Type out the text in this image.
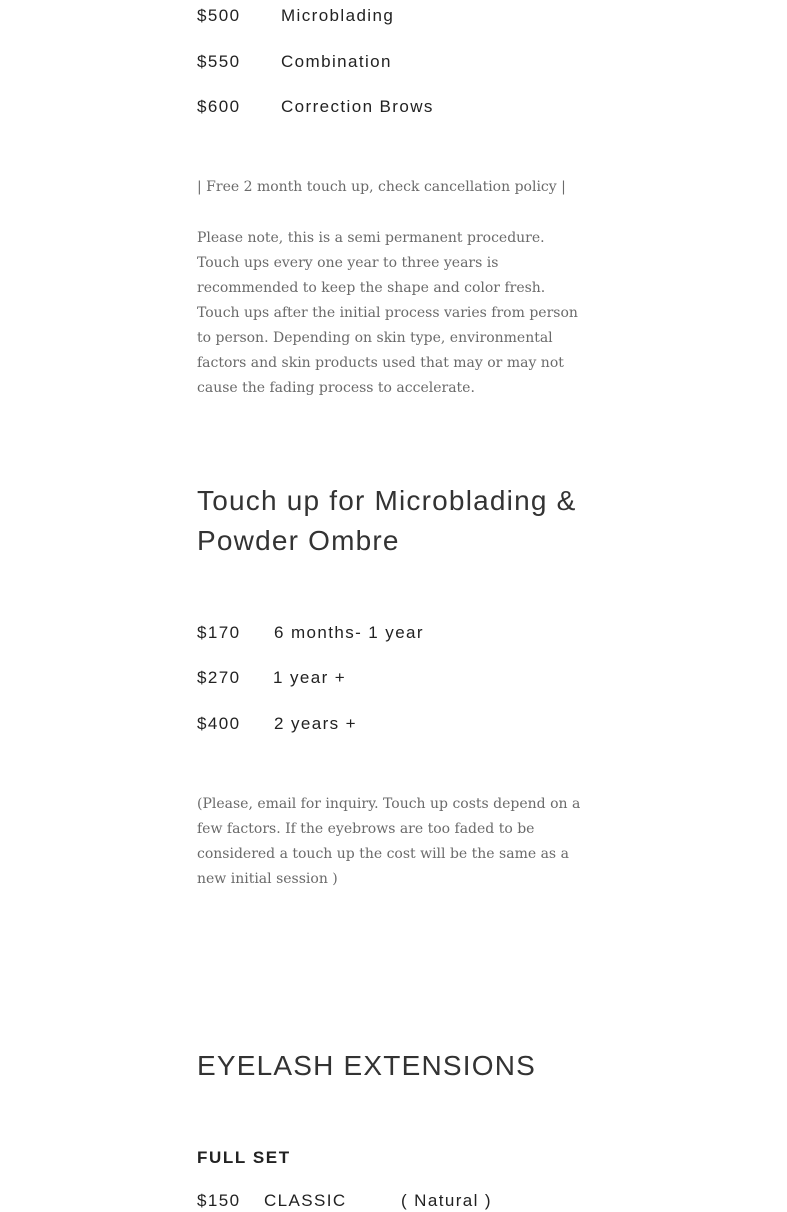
$500 Microblading
$550 Combination
$600 Correction Brows
| Free 2 month touch up, check cancellation policy |
Please note, this is a semi permanent procedure. Touch ups every one year to three years is recommended to keep the shape and color fresh. Touch ups after the initial process varies from person to person. Depending on skin type, environmental factors and skin products used that may or may not cause the fading process to accelerate.
Touch up for Microblading & Powder Ombre
$170 6 months- 1 year
$270 1 year +
$400 2 years +
(Please, email for inquiry. Touch up costs depend on a few factors. If the eyebrows are too faded to be considered a touch up the cost will be the same as a new initial session )
EYELASH EXTENSIONS
FULL SET
$150 CLASSIC	( Natural )
